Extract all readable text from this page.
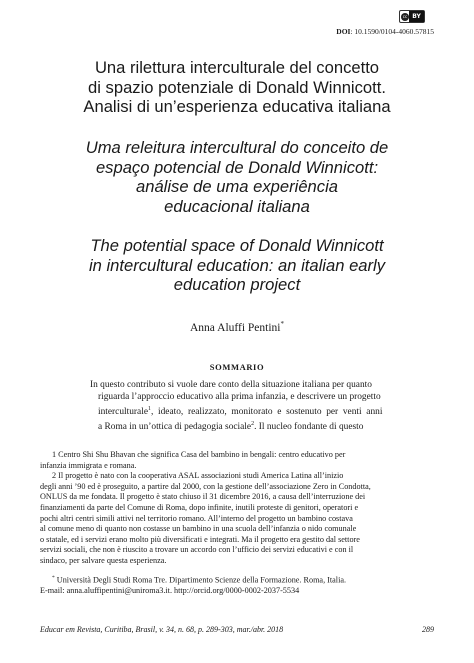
cc BY
DOI: 10.1590/0104-4060.57815
Una rilettura interculturale del concetto
di spazio potenziale di Donald Winnicott.
Analisi di un’esperienza educativa italiana
Uma releitura intercultural do conceito de
espaço potencial de Donald Winnicott:
análise de uma experiência
educacional italiana
The potential space of Donald Winnicott
in intercultural education: an italian early
education project
Anna Aluffi Pentini*
SOMMARIO
In questo contributo si vuole dare conto della situazione italiana per quanto
riguarda l’approccio educativo alla prima infanzia, e descrivere un progetto
interculturale$^1$,  ideato,  realizzato,  monitorato  e  sostenuto  per  venti  anni
a Roma in un’ottica di pedagogia sociale$^2$. Il nucleo fondante di questo
1 Centro Shi Shu Bhavan che significa Casa del bambino in bengali: centro educativo per
infanzia immigrata e romana.
2 Il progetto è nato con la cooperativa ASAL associazioni studi America Latina all’inizio
degli anni ’90 ed è proseguito, a partire dal 2000, con la gestione dell’associazione Zero in Condotta,
ONLUS da me fondata. Il progetto è stato chiuso il 31 dicembre 2016, a causa dell’interruzione dei
finanziamenti da parte del Comune di Roma, dopo infinite, inutili proteste di genitori, operatori e
pochi altri centri simili attivi nel territorio romano. All’interno del progetto un bambino costava
al comune meno di quanto non costasse un bambino in una scuola dell’infanzia o nido comunale
o statale, ed i servizi erano molto più diversificati e integrati. Ma il progetto era gestito dal settore
servizi sociali, che non è riuscito a trovare un accordo con l’ufficio dei servizi educativi e con il
sindaco, per salvare questa esperienza.
* Università Degli Studi Roma Tre. Dipartimento Scienze della Formazione. Roma, Italia.
E-mail: anna.aluffipentini@uniroma3.it. http://orcid.org/0000-0002-2037-5534
Educar em Revista, Curitiba, Brasil, v. 34, n. 68, p. 289-303, mar./abr. 2018	289
